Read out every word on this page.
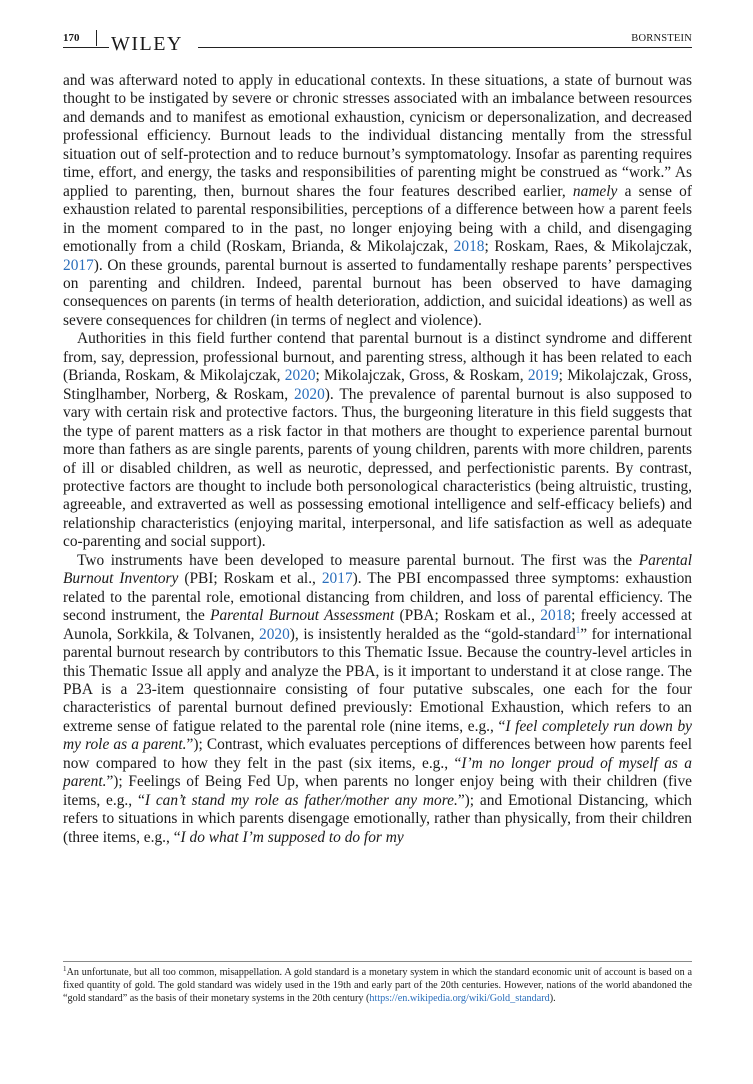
170 WILEY	BORNSTEIN

and was afterward noted to apply in educational contexts. In these situations, a state of burnout was thought to be instigated by severe or chronic stresses associated with an imbalance between resources and demands and to manifest as emotional exhaustion, cynicism or depersonalization, and decreased professional efficiency. Burnout leads to the individual distancing mentally from the stressful situation out of self-protection and to reduce burnout’s symptomatology. Insofar as parenting requires time, effort, and energy, the tasks and responsibilities of parenting might be construed as “work.” As applied to parenting, then, burnout shares the four features described earlier, namely a sense of exhaustion related to parental responsibilities, perceptions of a difference between how a parent feels in the moment compared to in the past, no longer enjoying being with a child, and disengaging emotionally from a child (Roskam, Brianda, & Mikolajczak, 2018; Roskam, Raes, & Mikolajczak, 2017). On these grounds, parental burnout is asserted to fundamentally reshape parents’ perspectives on parenting and children. Indeed, parental burnout has been observed to have damaging consequences on parents (in terms of health deterioration, addiction, and suicidal ideations) as well as severe consequences for children (in terms of neglect and violence).

Authorities in this field further contend that parental burnout is a distinct syndrome and different from, say, depression, professional burnout, and parenting stress, although it has been related to each (Brianda, Roskam, & Mikolajczak, 2020; Mikolajczak, Gross, & Roskam, 2019; Mikolajczak, Gross, Stinglhamber, Norberg, & Roskam, 2020). The prevalence of parental burnout is also supposed to vary with certain risk and protective factors. Thus, the burgeoning literature in this field suggests that the type of parent matters as a risk factor in that mothers are thought to experience parental burnout more than fathers as are single parents, parents of young children, parents with more children, parents of ill or disabled children, as well as neurotic, depressed, and perfectionistic parents. By contrast, protective factors are thought to include both personological characteristics (being altruistic, trusting, agreeable, and extraverted as well as possessing emotional intelligence and self-efficacy beliefs) and relationship characteristics (enjoying marital, interpersonal, and life satisfaction as well as adequate co-parenting and social support).

Two instruments have been developed to measure parental burnout. The first was the Parental Burnout Inventory (PBI; Roskam et al., 2017). The PBI encompassed three symptoms: exhaustion related to the parental role, emotional distancing from children, and loss of parental efficiency. The second instrument, the Parental Burnout Assessment (PBA; Roskam et al., 2018; freely accessed at Aunola, Sorkkila, & Tolvanen, 2020), is insistently heralded as the “gold-standard$^1$” for international parental burnout research by contributors to this Thematic Issue. Because the country-level articles in this Thematic Issue all apply and analyze the PBA, is it important to understand it at close range. The PBA is a 23-item questionnaire consisting of four putative subscales, one each for the four characteristics of parental burnout defined previously: Emotional Exhaustion, which refers to an extreme sense of fatigue related to the parental role (nine items, e.g., “I feel completely run down by my role as a parent.”); Contrast, which evaluates perceptions of differences between how parents feel now compared to how they felt in the past (six items, e.g., “I’m no longer proud of myself as a parent.”); Feelings of Being Fed Up, when parents no longer enjoy being with their children (five items, e.g., “I can’t stand my role as father/mother any more.”); and Emotional Distancing, which refers to situations in which parents disengage emotionally, rather than physically, from their children (three items, e.g., “I do what I’m supposed to do for my

$^1$An unfortunate, but all too common, misappellation. A gold standard is a monetary system in which the standard economic unit of account is based on a fixed quantity of gold. The gold standard was widely used in the 19th and early part of the 20th centuries. However, nations of the world abandoned the “gold standard” as the basis of their monetary systems in the 20th century (https://en.wikipedia.org/wiki/Gold_standard).
